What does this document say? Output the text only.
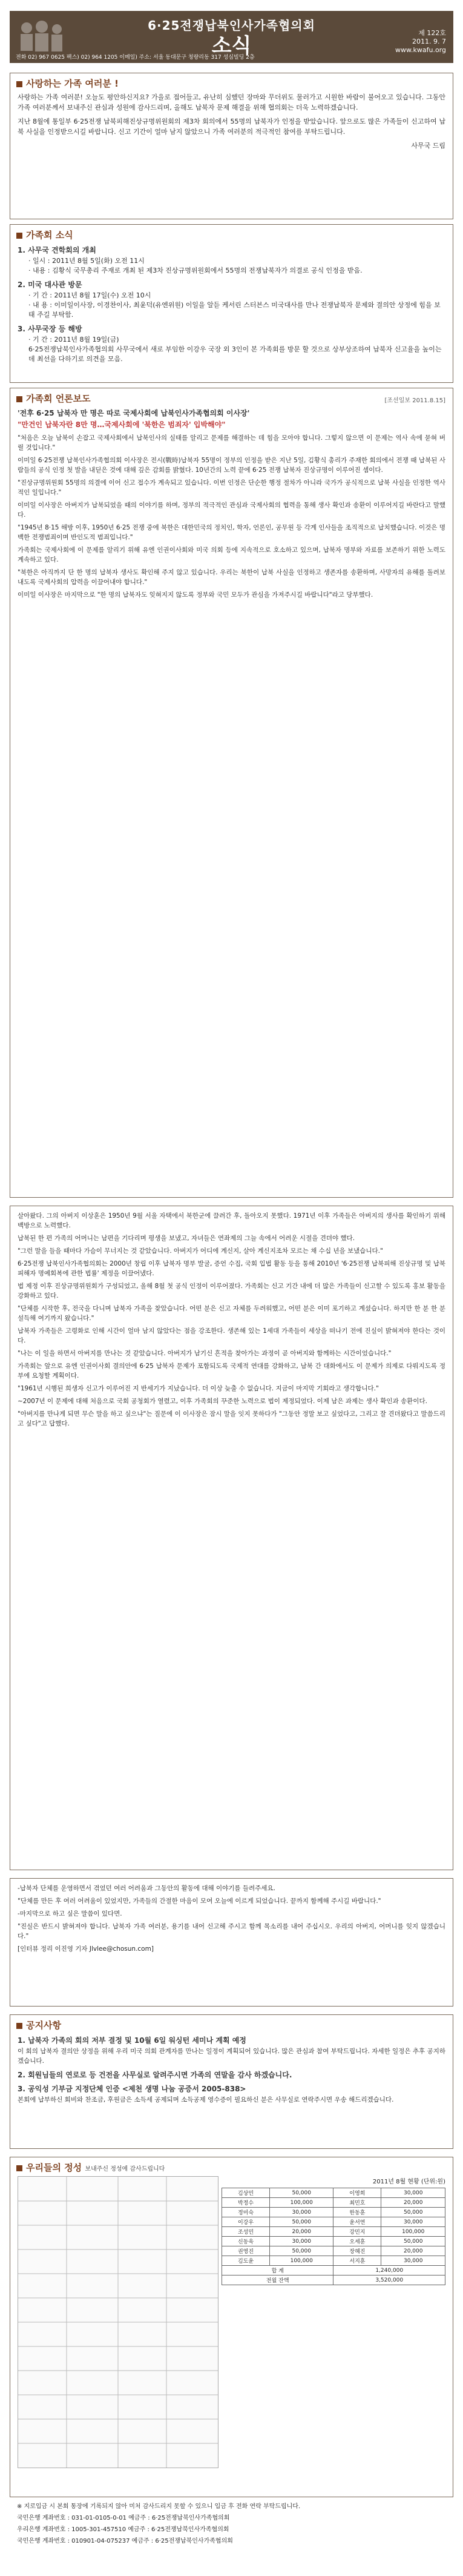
6·25전쟁납북인사가족협의회
소식
제 122호
2011. 9. 7
www.kwafu.org
전화 02) 967 0625 팩스) 02) 964 1205 이메일) 주소: 서울 동대문구 청량리동 317 성심빌딩 2층
사랑하는 가족 여러분 !

사랑하는 가족 여러분! 오늘도 평안하신지요? 가을로 접어들고, 유난히 심했던 장마와 무더위도 물러가고 시원한 바람이 불어오고 있습니다. 그동안 가족 여러분께서 보내주신 관심과 성원에 감사드리며, 올해도 납북자 문제 해결을 위해 협의회는 더욱 노력하겠습니다.

지난 8월에 통일부 6·25전쟁 납북피해진상규명위원회의 제3차 회의에서 55명의 납북자가 인정을 받았습니다. 앞으로도 많은 가족들이 신고하여 납북 사실을 인정받으시길 바랍니다. 신고 기간이 얼마 남지 않았으니 가족 여러분의 적극적인 참여를 부탁드립니다.

사무국 드림

가족회 소식
1. 사무국 견학회의 개최
· 일시 : 2011년 8월 5일(화) 오전 11시
· 내용 : 김황식 국무총리 주재로 개최 된 제3차 진상규명위원회에서 55명의 전쟁납북자가 의결로 공식 인정을 받음.
2. 미국 대사관 방문
· 기 간 : 2011년 8월 17일(수) 오전 10시
· 내 용 : 이미일이사장, 이경찬이사, 최윤덕(유엔위원) 이일을 알듣 케서린 스터븐스 미국대사를 만나 전쟁납북자 문제와 결의안 상정에 힘을 보태 주길 부탁함.
3. 사무국장 등 해방
· 기 간 : 2011년 8월 19일(금)
6·25전쟁납북인사가족협의회 사무국에서 새로 부임한 이강우 국장 외 3인이 본 가족회를 방문 할 것으로 상부상조하여 납북자 신고율을 높이는데 최선을 다하기로 의견을 모음.
가족회 언론보도	[조선일보 2011.8.15]
'전후 6·25 납북자 만 명은 따로 국제사회에 납북인사가족협의회 이사장'
"만건인 납북자란 8만 명…국제사회에 '북한은 범죄자' 입박해야"

"처음은 오늘 남북이 손잡고 국제사회에서 납북인사의 실태를 알리고 문제를 해결하는 데 힘을 모아야 합니다. 그렇지 않으면 이 문제는 역사 속에 묻혀 버릴 것입니다."

이미일 6·25전쟁 납북인사가족협의회 이사장은 전시(戰時)납북자 55명이 정부의 인정을 받은 지난 5일, 김황식 총리가 주재한 회의에서 전쟁 때 납북된 사람들의 공식 인정 첫 발을 내딛은 것에 대해 깊은 감회를 밝혔다. 10년간의 노력 끝에 6·25 전쟁 납북자 진상규명이 이루어진 셈이다.

"진상규명위원회 55명의 의결에 이어 신고 접수가 계속되고 있습니다. 이번 인정은 단순한 행정 절차가 아니라 국가가 공식적으로 납북 사실을 인정한 역사적인 일입니다."

이미일 이사장은 아버지가 납북되었을 때의 이야기를 하며, 정부의 적극적인 관심과 국제사회의 협력을 통해 생사 확인과 송환이 이루어지길 바란다고 말했다.

"1945년 8·15 해방 이후, 1950년 6·25 전쟁 중에 북한은 대한민국의 정치인, 학자, 언론인, 공무원 등 각계 인사들을 조직적으로 납치했습니다. 이것은 명백한 전쟁범죄이며 반인도적 범죄입니다."

가족회는 국제사회에 이 문제를 알리기 위해 유엔 인권이사회와 미국 의회 등에 지속적으로 호소하고 있으며, 납북자 명부와 자료를 보존하기 위한 노력도 계속하고 있다.

"북한은 아직까지 단 한 명의 납북자 생사도 확인해 주지 않고 있습니다. 우리는 북한이 납북 사실을 인정하고 생존자를 송환하며, 사망자의 유해를 돌려보내도록 국제사회의 압력을 이끌어내야 합니다."

이미일 이사장은 마지막으로 "한 명의 납북자도 잊혀지지 않도록 정부와 국민 모두가 관심을 가져주시길 바랍니다"라고 당부했다.

살아왔다. 그의 아버지 이상훈은 1950년 9월 서울 자택에서 북한군에 끌려간 후, 돌아오지 못했다. 1971년 이후 가족들은 아버지의 생사를 확인하기 위해 백방으로 노력했다.

납북된 한 편 가족의 어머니는 남편을 기다리며 평생을 보냈고, 자녀들은 연좌제의 그늘 속에서 어려운 시절을 견뎌야 했다.

"그런 말을 들을 때마다 가슴이 무너지는 것 같았습니다. 아버지가 어디에 계신지, 살아 계신지조차 모르는 채 수십 년을 보냈습니다."

6·25전쟁 납북인사가족협의회는 2000년 창립 이후 납북자 명부 발굴, 증언 수집, 국회 입법 활동 등을 통해 2010년 '6·25전쟁 납북피해 진상규명 및 납북피해자 명예회복에 관한 법률' 제정을 이끌어냈다.

법 제정 이후 진상규명위원회가 구성되었고, 올해 8월 첫 공식 인정이 이루어졌다. 가족회는 신고 기간 내에 더 많은 가족들이 신고할 수 있도록 홍보 활동을 강화하고 있다.

"단체를 시작한 후, 전국을 다니며 납북자 가족을 찾았습니다. 어떤 분은 신고 자체를 두려워했고, 어떤 분은 이미 포기하고 계셨습니다. 하지만 한 분 한 분 설득해 여기까지 왔습니다."

납북자 가족들은 고령화로 인해 시간이 얼마 남지 않았다는 점을 강조한다. 생존해 있는 1세대 가족들이 세상을 떠나기 전에 진실이 밝혀져야 한다는 것이다.

"나는 이 일을 하면서 아버지를 만나는 것 같았습니다. 아버지가 남기신 흔적을 찾아가는 과정이 곧 아버지와 함께하는 시간이었습니다."

가족회는 앞으로 유엔 인권이사회 결의안에 6·25 납북자 문제가 포함되도록 국제적 연대를 강화하고, 남북 간 대화에서도 이 문제가 의제로 다뤄지도록 정부에 요청할 계획이다.

"1961년 시행된 희생자 신고가 이루어진 지 반세기가 지났습니다. 더 이상 늦출 수 없습니다. 지금이 마지막 기회라고 생각합니다."

~2007년 이 문제에 대해 처음으로 국회 공청회가 열렸고, 이후 가족회의 꾸준한 노력으로 법이 제정되었다. 이제 남은 과제는 생사 확인과 송환이다.

"아버지를 만나게 되면 무슨 말을 하고 싶으냐"는 질문에 이 이사장은 잠시 말을 잇지 못하다가 "그동안 정말 보고 싶었다고, 그리고 잘 견뎌왔다고 말씀드리고 싶다"고 답했다.

-납북자 단체를 운영하면서 겪었던 여러 어려움과 그동안의 활동에 대해 이야기를 들려주세요.

"단체를 만든 후 여러 어려움이 있었지만, 가족들의 간절한 마음이 모여 오늘에 이르게 되었습니다. 끝까지 함께해 주시길 바랍니다."

-마지막으로 하고 싶은 말씀이 있다면.

"진실은 반드시 밝혀져야 합니다. 납북자 가족 여러분, 용기를 내어 신고해 주시고 함께 목소리를 내어 주십시오. 우리의 아버지, 어머니를 잊지 않겠습니다."

[인터뷰 정리 이진영 기자 Jlvlee@chosun.com]

공지사항
1. 납북자 가족의 회의 저부 결정 및 10월 6일 워싱턴 세미나 계획 예정

이 회의 납북자 결의안 상정을 위해 우리 미국 의회 관계자를 만나는 일정이 계획되어 있습니다. 많은 관심과 참여 부탁드립니다. 자세한 일정은 추후 공지하겠습니다.

2. 회원님들의 연로로 등 건전을 사무실로 알려주시면 가족의 연말을 감사 하겠습니다.
3. 공익성 기부금 지정단체 인증 <제천 생명 나눔 공증서 2005-838>

본회에 납부하신 회비와 찬조금, 후원금은 소득세 공제되며 소득공제 영수증이 필요하신 분은 사무실로 연락주시면 우송 해드리겠습니다.

우리들의 정성 보내주신 정성에 감사드립니다
2011년 8월 현황 (단위:원)
김상민	50,000	이영희	30,000
박정수	100,000	최민호	20,000
정미숙	30,000	한동훈	50,000
이강우	50,000	윤서연	30,000
조성민	20,000	강민지	100,000
신동욱	30,000	오세훈	50,000
권영진	50,000	장혜진	20,000
김도윤	100,000	서지훈	30,000
합 계		1,240,000	
전월 잔액		3,520,000	
※ 지로입금 시 본회 통장에 기록되지 않아 미처 감사드리지 못할 수 있으니 입금 후 전화 연락 부탁드립니다.
국민은행 계좌번호 : 031-01-0105-0-01 예금주 : 6·25전쟁납북인사가족협의회
우리은행 계좌번호 : 1005-301-457510 예금주 : 6·25전쟁납북인사가족협의회
국민은행 계좌번호 : 010901-04-075237 예금주 : 6·25전쟁납북인사가족협의회
